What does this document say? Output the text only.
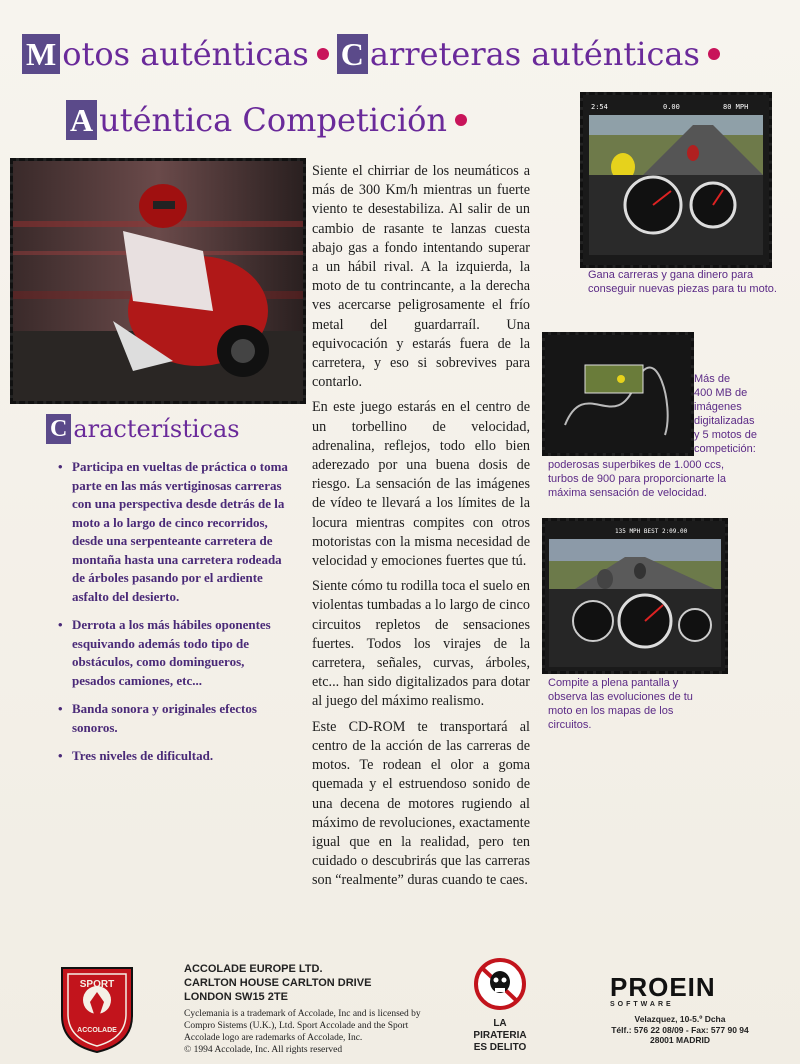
M otos auténticas C arreteras auténticas
A uténtica Competición	2:54	0.00	80 MPH
Gana carreras y gana dinero para conseguir nuevas piezas para tu moto.
Más de
400 MB de
imágenes
digitalizadas
y 5 motos de
competición:
poderosas superbikes de 1.000 ccs,
turbos de 900 para proporcionarte la
máxima sensación de velocidad.
135 MPH BEST 2:09.00
Compite a plena pantalla y observa las evoluciones de tu moto en los mapas de los circuitos.

Siente el chirriar de los neumáticos a más de 300 Km/h mientras un fuerte viento te desestabiliza. Al salir de un cambio de rasante te lanzas cuesta abajo gas a fondo intentando superar a un hábil rival. A la izquierda, la moto de tu contrincante, a la derecha ves acercarse peligrosamente el frío metal del guardarraíl. Una equivocación y estarás fuera de la carretera, y eso si sobrevives para contarlo.

En este juego estarás en el centro de un torbellino de velocidad, adrenalina, reflejos, todo ello bien aderezado por una buena dosis de riesgo. La sensación de las imágenes de vídeo te llevará a los límites de la locura mientras compites con otros motoristas con la misma necesidad de velocidad y emociones fuertes que tú.

Siente cómo tu rodilla toca el suelo en violentas tumbadas a lo largo de cinco circuitos repletos de sensaciones fuertes. Todos los virajes de la carretera, señales, curvas, árboles, etc... han sido digitalizados para dotar al juego del máximo realismo.

Este CD-ROM te transportará al centro de la acción de las carreras de motos. Te rodean el olor a goma quemada y el estruendoso sonido de una decena de motores rugiendo al máximo de revoluciones, exactamente igual que en la realidad, pero ten cuidado o descubrirás que las carreras son “realmente” duras cuando te caes.

C aracterísticas
• Participa en vueltas de práctica o toma parte en las más vertiginosas carreras con una perspectiva desde detrás de la moto a lo largo de cinco recorridos, desde una serpenteante carretera de montaña hasta una carretera rodeada de árboles pasando por el ardiente asfalto del desierto.
• Derrota a los más hábiles oponentes esquivando además todo tipo de obstáculos, como domingueros, pesados camiones, etc...
• Banda sonora y originales efectos sonoros.
• Tres niveles de dificultad.
SPORT
ACCOLADE
ACCOLADE EUROPE LTD.
CARLTON HOUSE CARLTON DRIVE
LONDON SW15 2TE
Cyclemania is a trademark of Accolade, Inc and is licensed by Compro Sistems (U.K.), Ltd. Sport Accolade and the Sport Accolade logo are rademarks of Accolade, Inc.
© 1994 Accolade, Inc. All rights reserved
LA
PIRATERIA
ES DELITO
PROEIN
SOFTWARE
Velazquez, 10-5.º Dcha
Télf.: 576 22 08/09 - Fax: 577 90 94
28001 MADRID
